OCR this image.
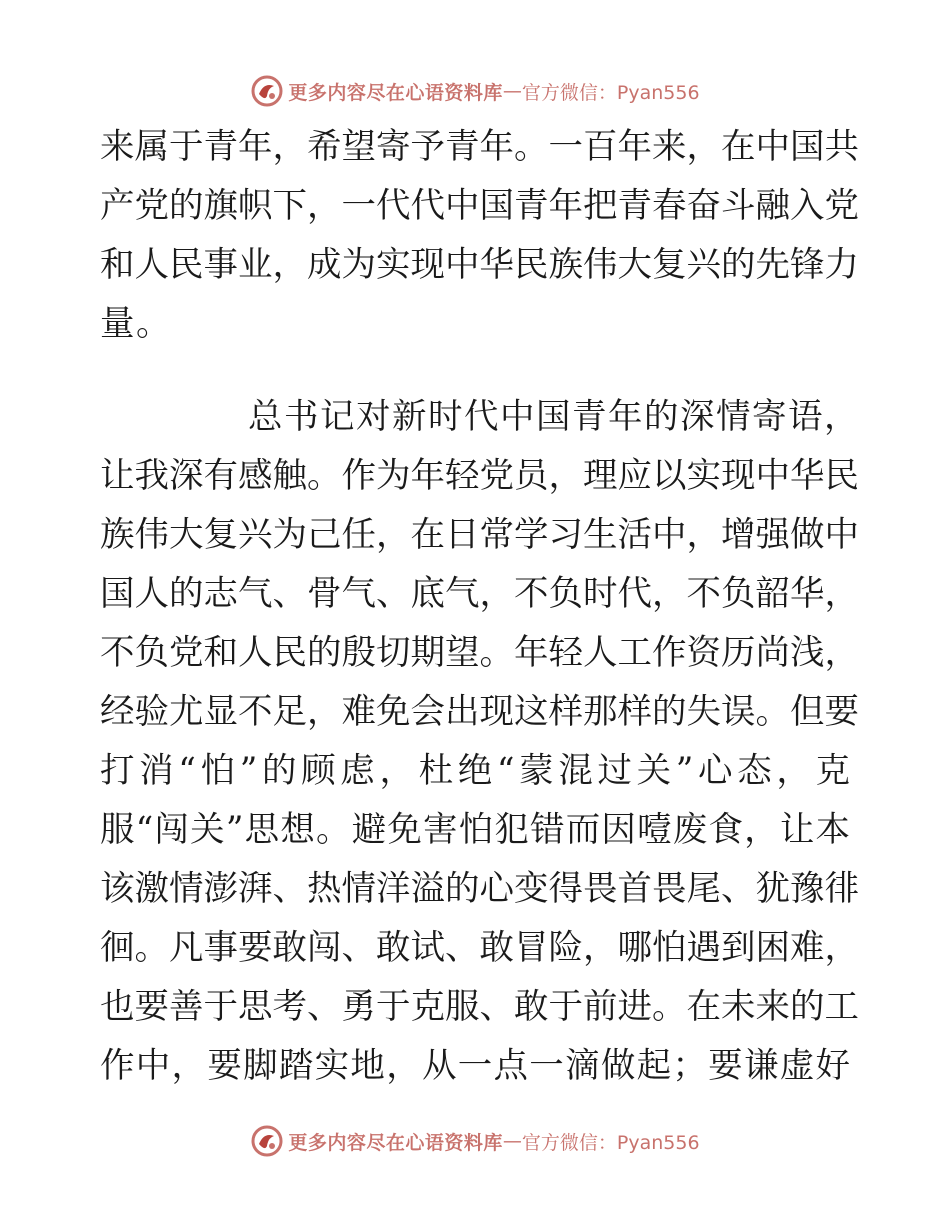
更多内容尽在心语资料库 — 官方微信：Pyan556
来属于青年，希望寄予青年。一百年来，在中国共
产党的旗帜下，一代代中国青年把青春奋斗融入党
和人民事业，成为实现中华民族伟大复兴的先锋力
量。
总书记对新时代中国青年的深情寄语，
让我深有感触。作为年轻党员，理应以实现中华民
族伟大复兴为己任，在日常学习生活中，增强做中
国人的志气、骨气、底气，不负时代，不负韶华，
不负党和人民的殷切期望。年轻人工作资历尚浅，
经验尤显不足，难免会出现这样那样的失误。但要
打消“怕”的顾虑，杜绝“蒙混过关”心态，克
服“闯关”思想。避免害怕犯错而因噎废食，让本
该激情澎湃、热情洋溢的心变得畏首畏尾、犹豫徘
徊。凡事要敢闯、敢试、敢冒险，哪怕遇到困难，
也要善于思考、勇于克服、敢于前进。在未来的工
作中，要脚踏实地，从一点一滴做起；要谦虚好
更多内容尽在心语资料库 — 官方微信：Pyan556
